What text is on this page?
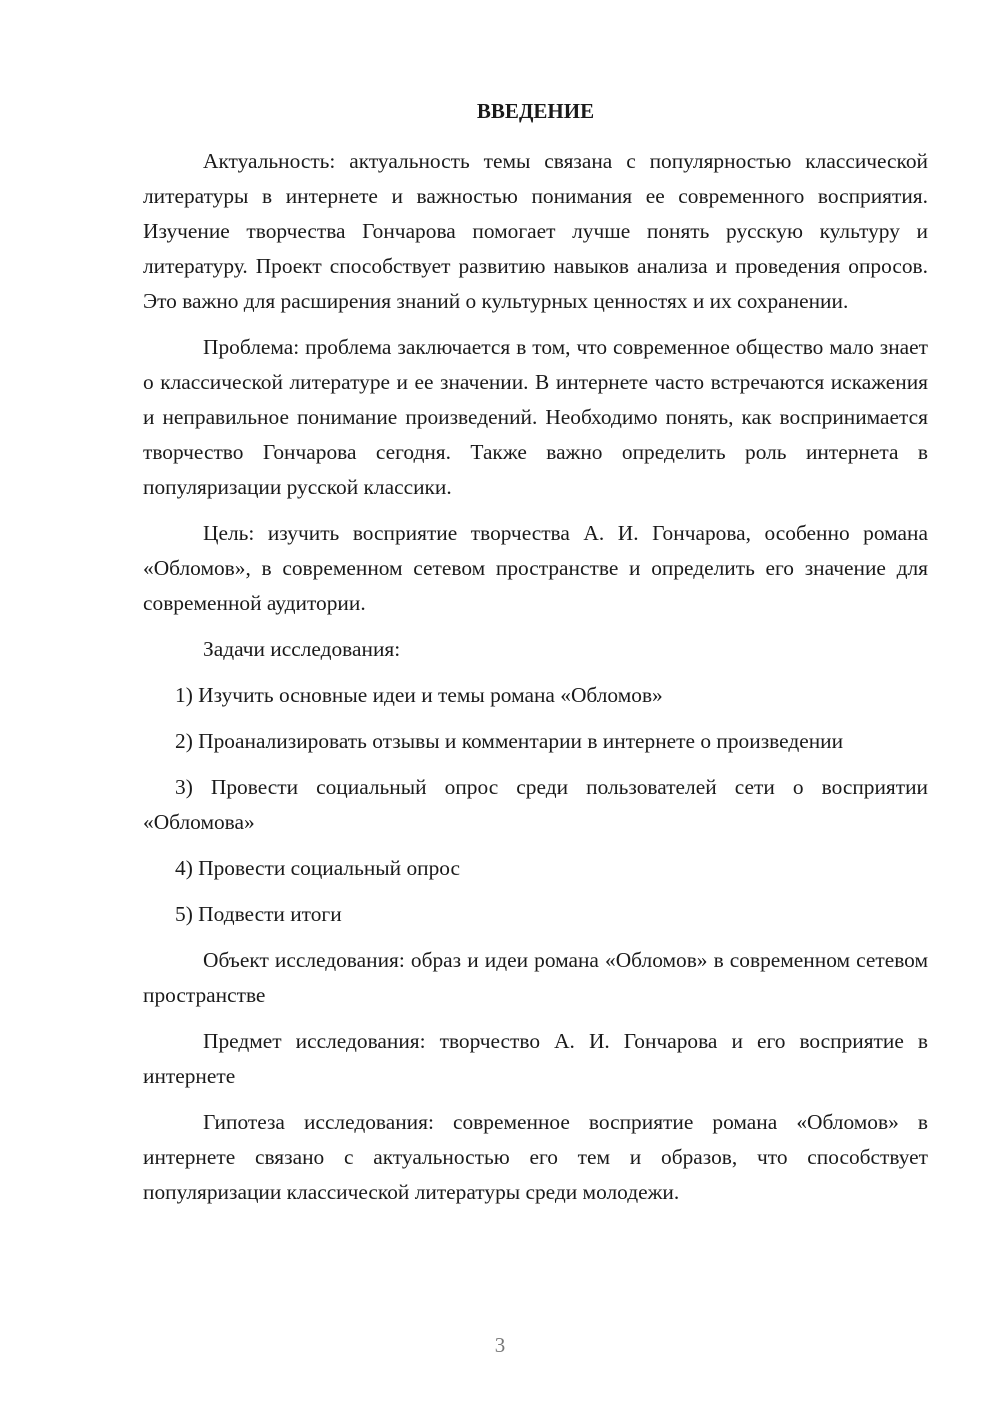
ВВЕДЕНИЕ

Актуальность: актуальность темы связана с популярностью классической литературы в интернете и важностью понимания ее современного восприятия. Изучение творчества Гончарова помогает лучше понять русскую культуру и литературу. Проект способствует развитию навыков анализа и проведения опросов. Это важно для расширения знаний о культурных ценностях и их сохранении.

Проблема: проблема заключается в том, что современное общество мало знает о классической литературе и ее значении. В интернете часто встречаются искажения и неправильное понимание произведений. Необходимо понять, как воспринимается творчество Гончарова сегодня. Также важно определить роль интернета в популяризации русской классики.

Цель: изучить восприятие творчества А. И. Гончарова, особенно романа «Обломов», в современном сетевом пространстве и определить его значение для современной аудитории.

Задачи исследования:

1) Изучить основные идеи и темы романа «Обломов»

2) Проанализировать отзывы и комментарии в интернете о произведении

3) Провести социальный опрос среди пользователей сети о восприятии «Обломова»

4) Провести социальный опрос

5) Подвести итоги

Объект исследования: образ и идеи романа «Обломов» в современном сетевом пространстве

Предмет исследования: творчество А. И. Гончарова и его восприятие в интернете

Гипотеза исследования: современное восприятие романа «Обломов» в интернете связано с актуальностью его тем и образов, что способствует популяризации классической литературы среди молодежи.

3
